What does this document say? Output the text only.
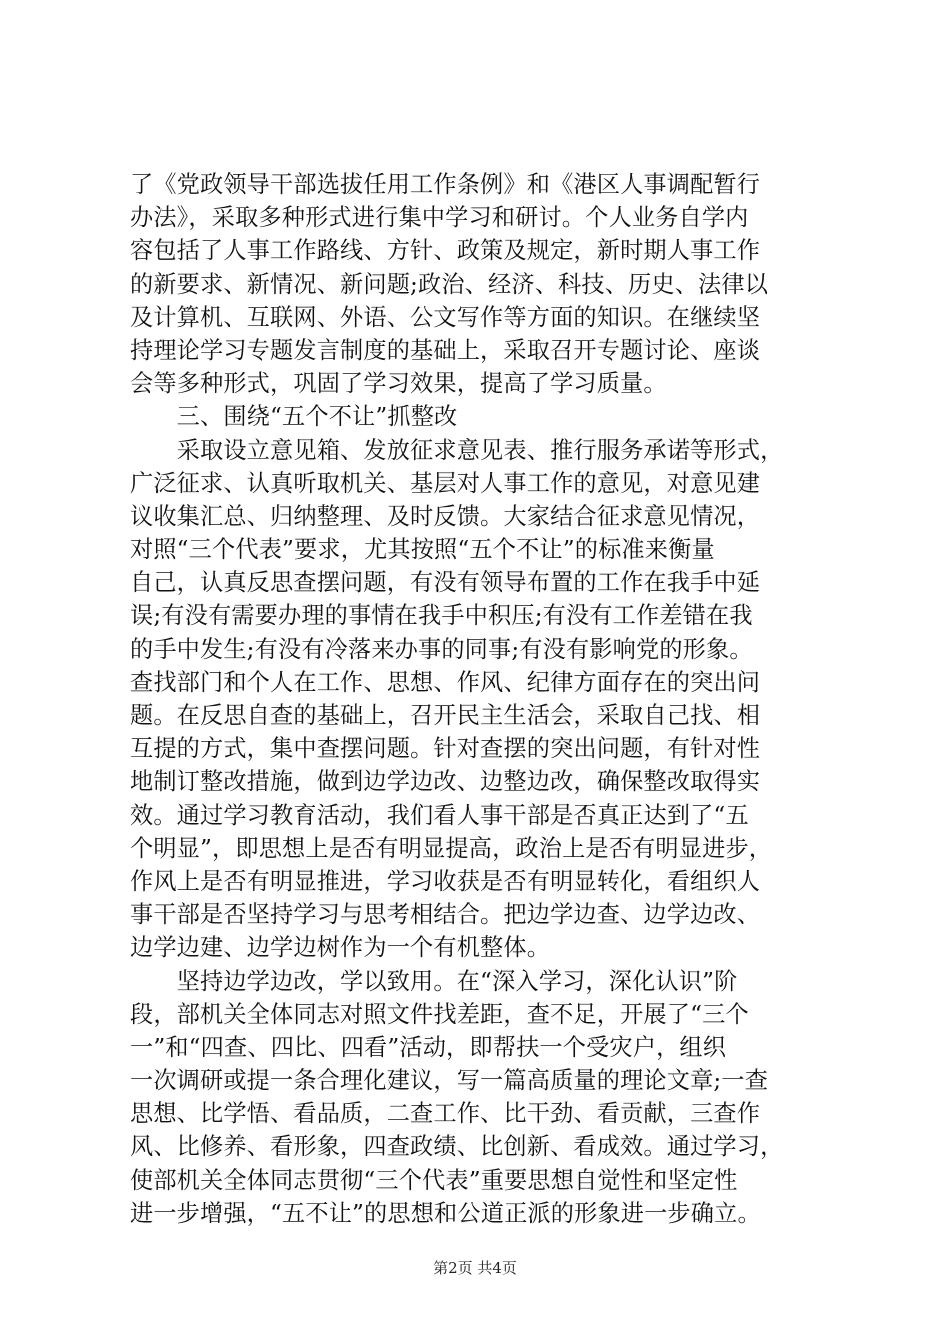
了《党政领导干部选拔任用工作条例》和《港区人事调配暂行
办法》，采取多种形式进行集中学习和研讨。个人业务自学内
容包括了人事工作路线、方针、政策及规定，新时期人事工作
的新要求、新情况、新问题;政治、经济、科技、历史、法律以
及计算机、互联网、外语、公文写作等方面的知识。在继续坚
持理论学习专题发言制度的基础上，采取召开专题讨论、座谈
会等多种形式，巩固了学习效果，提高了学习质量。
　　三、围绕“五个不让”抓整改
　　采取设立意见箱、发放征求意见表、推行服务承诺等形式，
广泛征求、认真听取机关、基层对人事工作的意见，对意见建
议收集汇总、归纳整理、及时反馈。大家结合征求意见情况，
对照“三个代表”要求，尤其按照“五个不让”的标准来衡量
自己，认真反思查摆问题，有没有领导布置的工作在我手中延
误;有没有需要办理的事情在我手中积压;有没有工作差错在我
的手中发生;有没有冷落来办事的同事;有没有影响党的形象。
查找部门和个人在工作、思想、作风、纪律方面存在的突出问
题。在反思自查的基础上，召开民主生活会，采取自己找、相
互提的方式，集中查摆问题。针对查摆的突出问题，有针对性
地制订整改措施，做到边学边改、边整边改，确保整改取得实
效。通过学习教育活动，我们看人事干部是否真正达到了“五
个明显”，即思想上是否有明显提高，政治上是否有明显进步，
作风上是否有明显推进，学习收获是否有明显转化，看组织人
事干部是否坚持学习与思考相结合。把边学边查、边学边改、
边学边建、边学边树作为一个有机整体。
　　坚持边学边改，学以致用。在“深入学习，深化认识”阶
段，部机关全体同志对照文件找差距，查不足，开展了“三个
一”和“四查、四比、四看”活动，即帮扶一个受灾户，组织
一次调研或提一条合理化建议，写一篇高质量的理论文章;一查
思想、比学悟、看品质，二查工作、比干劲、看贡献，三查作
风、比修养、看形象，四查政绩、比创新、看成效。通过学习，
使部机关全体同志贯彻“三个代表”重要思想自觉性和坚定性
进一步增强，“五不让”的思想和公道正派的形象进一步确立。
第2页 共4页
